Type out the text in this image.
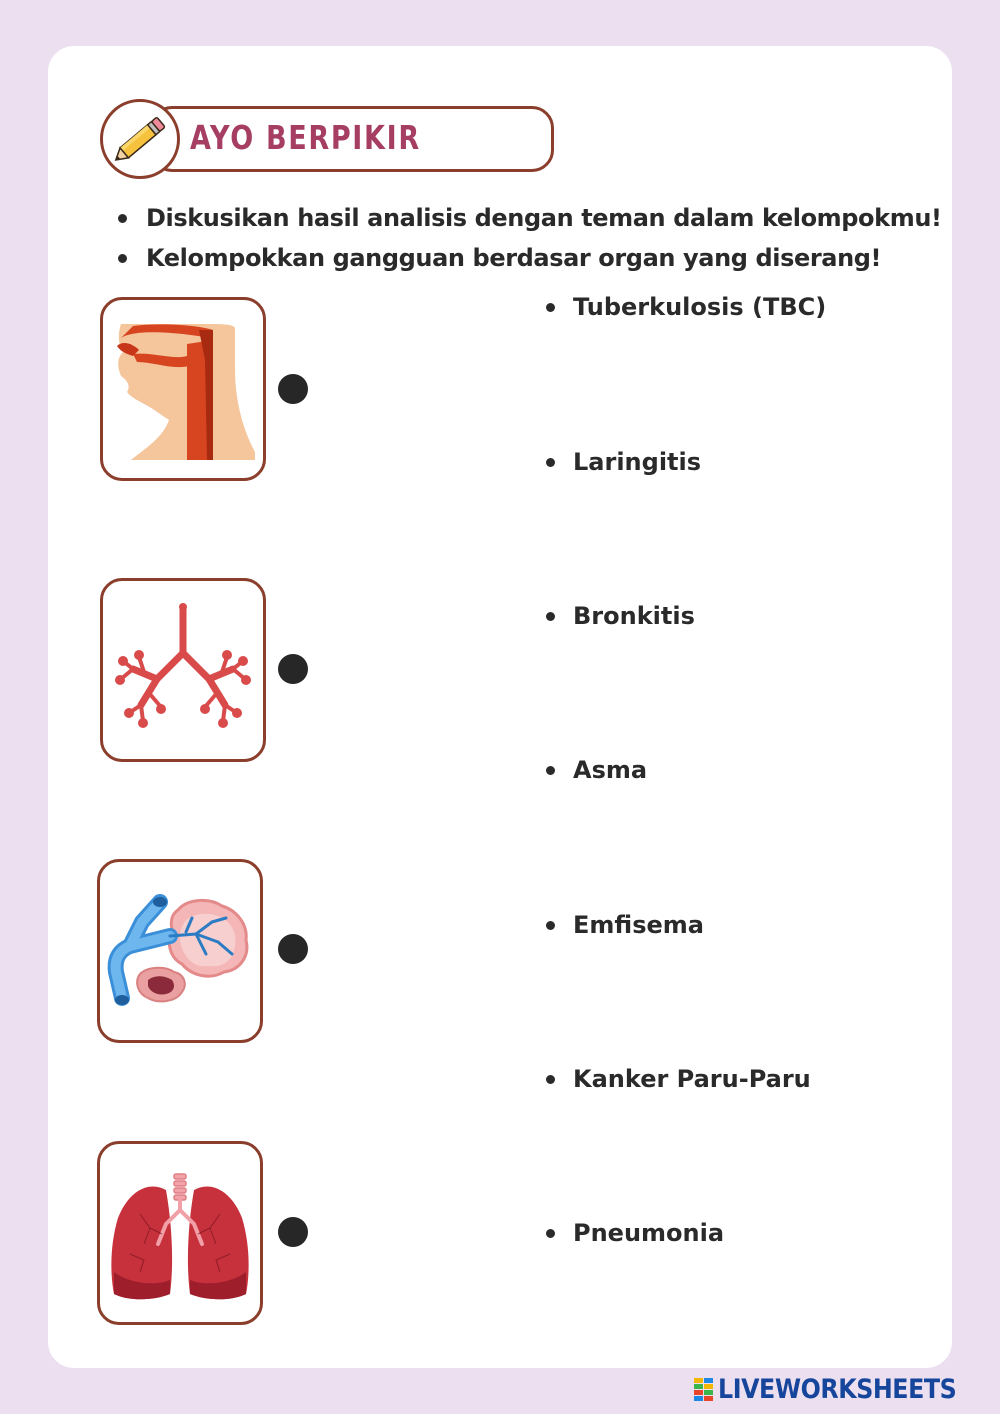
AYO BERPIKIR
Diskusikan hasil analisis dengan teman dalam kelompokmu!
Kelompokkan gangguan berdasar organ yang diserang!
Tuberkulosis (TBC)
Laringitis
Bronkitis
Asma
Emfisema
Kanker Paru-Paru
Pneumonia
LIVEWORKSHEETS
